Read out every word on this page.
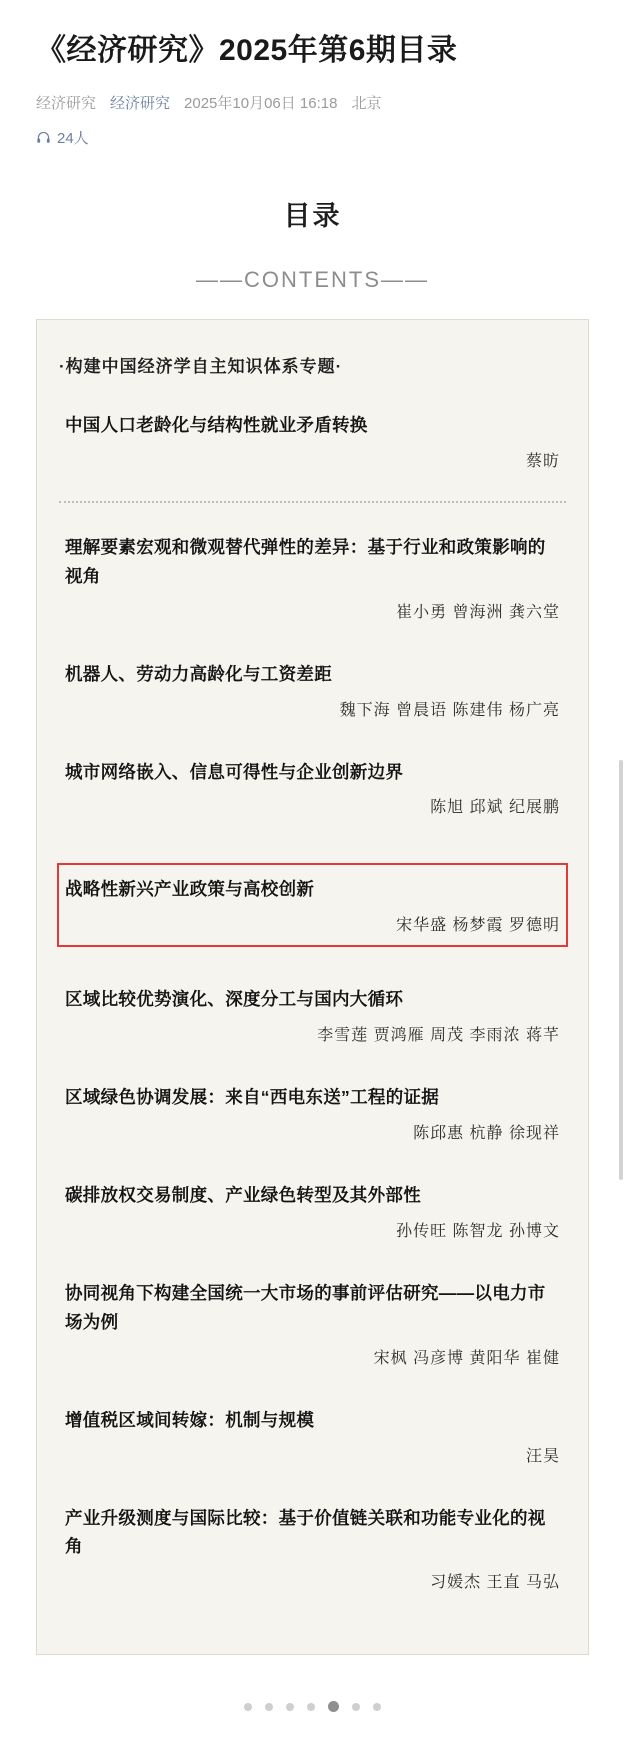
《经济研究》2025年第6期目录
经济研究 经济研究 2025年10月06日 16:18 北京
24人
目录
——CONTENTS——
·构建中国经济学自主知识体系专题·
中国人口老龄化与结构性就业矛盾转换
蔡昉
理解要素宏观和微观替代弹性的差异：基于行业和政策影响的视角
崔小勇 曾海洲 龚六堂
机器人、劳动力高龄化与工资差距
魏下海 曾晨语 陈建伟 杨广亮
城市网络嵌入、信息可得性与企业创新边界
陈旭 邱斌 纪展鹏
战略性新兴产业政策与高校创新
宋华盛 杨梦霞 罗德明
区域比较优势演化、深度分工与国内大循环
李雪莲 贾鸿雁 周茂 李雨浓 蒋芊
区域绿色协调发展：来自“西电东送”工程的证据
陈邱惠 杭静 徐现祥
碳排放权交易制度、产业绿色转型及其外部性
孙传旺 陈智龙 孙博文
协同视角下构建全国统一大市场的事前评估研究——以电力市场为例
宋枫 冯彦博 黄阳华 崔健
增值税区域间转嫁：机制与规模
汪昊
产业升级测度与国际比较：基于价值链关联和功能专业化的视角
习媛杰 王直 马弘
